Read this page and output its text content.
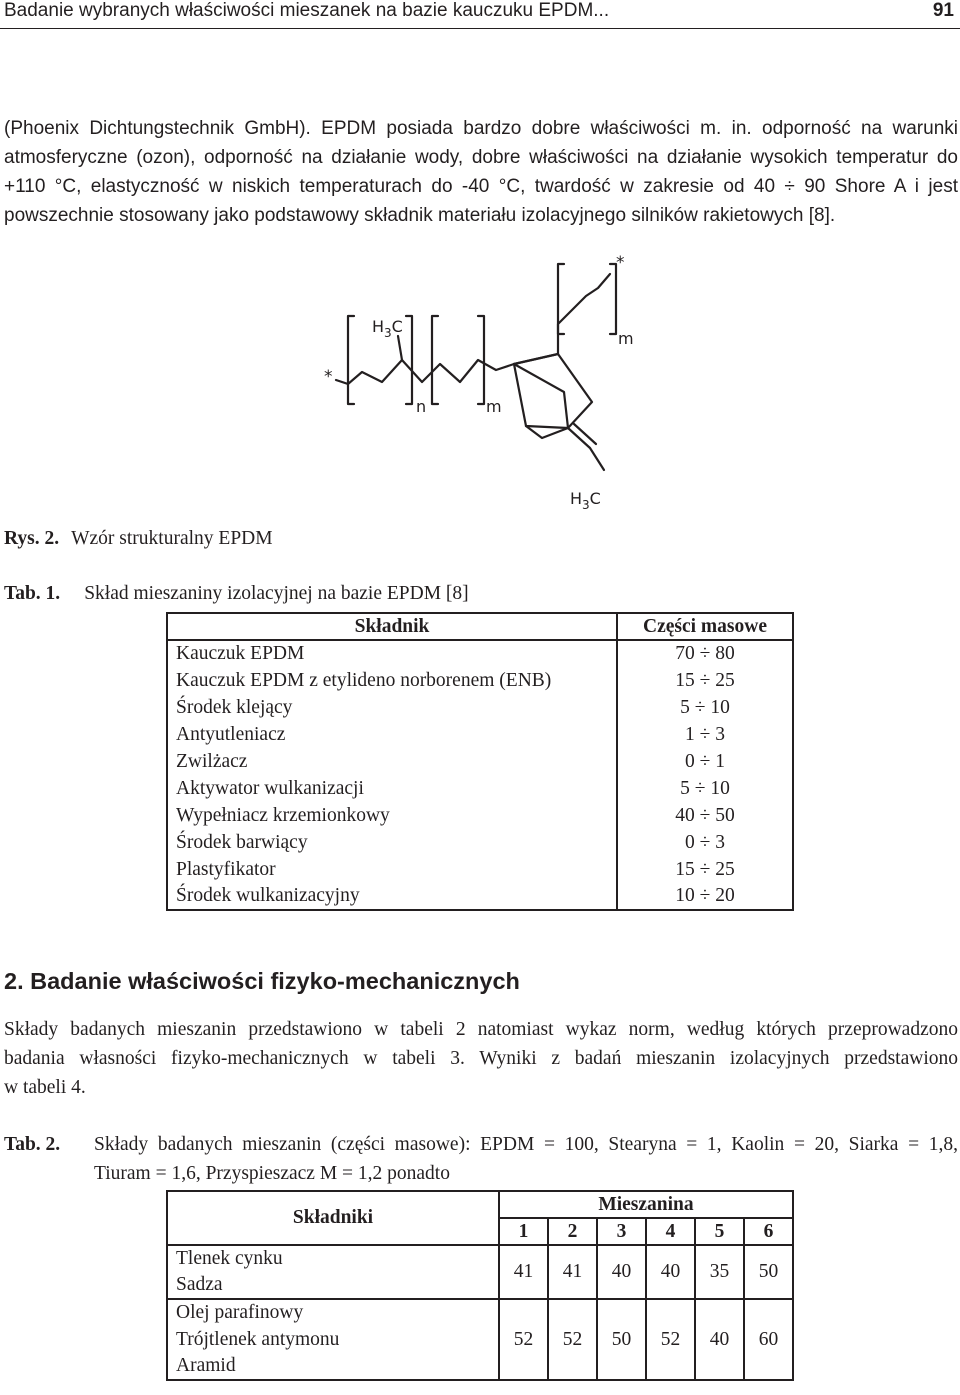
Badanie wybranych właściwości mieszanek na bazie kauczuku EPDM...	91
(Phoenix Dichtungstechnik GmbH). EPDM posiada bardzo dobre właściwości m. in. odporność na warunki
atmosferyczne (ozon), odporność na działanie wody, dobre właściwości na działanie wysokich temperatur do
+110 °C, elastyczność w niskich temperaturach do -40 °C, twardość w zakresie od 40 ÷ 90 Shore A i jest
powszechnie stosowany jako podstawowy składnik materiału izolacyjnego silników rakietowych [8].
*
*
$H_3C$
$H_3C$
n	m
m
Rys. 2. Wzór strukturalny EPDM
Tab. 1. Skład mieszaniny izolacyjnej na bazie EPDM [8]
Składnik	Części masowe
Kauczuk EPDM	70 ÷ 80
Kauczuk EPDM z etylideno norborenem (ENB)	15 ÷ 25
Środek klejący	5 ÷ 10
Antyutleniacz	1 ÷ 3
Zwilżacz	0 ÷ 1
Aktywator wulkanizacji	5 ÷ 10
Wypełniacz krzemionkowy	40 ÷ 50
Środek barwiący	0 ÷ 3
Plastyfikator	15 ÷ 25
Środek wulkanizacyjny	10 ÷ 20
2. Badanie właściwości fizyko-mechanicznych
Składy badanych mieszanin przedstawiono w tabeli 2 natomiast wykaz norm, według których przeprowadzono
badania własności fizyko-mechanicznych w tabeli 3. Wyniki z badań mieszanin izolacyjnych przedstawiono
w tabeli 4.
Tab. 2. Składy badanych mieszanin (części masowe): EPDM = 100, Stearyna = 1, Kaolin = 20, Siarka = 1,8,
Tiuram = 1,6, Przyspieszacz M = 1,2 ponadto
Składniki	Mieszanina					
	1	2	3	4	5	6
Tlenek cynku	41	41	40	40	35	50
Sadza						
Olej parafinowy	52	52	50	52	40	60
Trójtlenek antymonu						
Aramid						
